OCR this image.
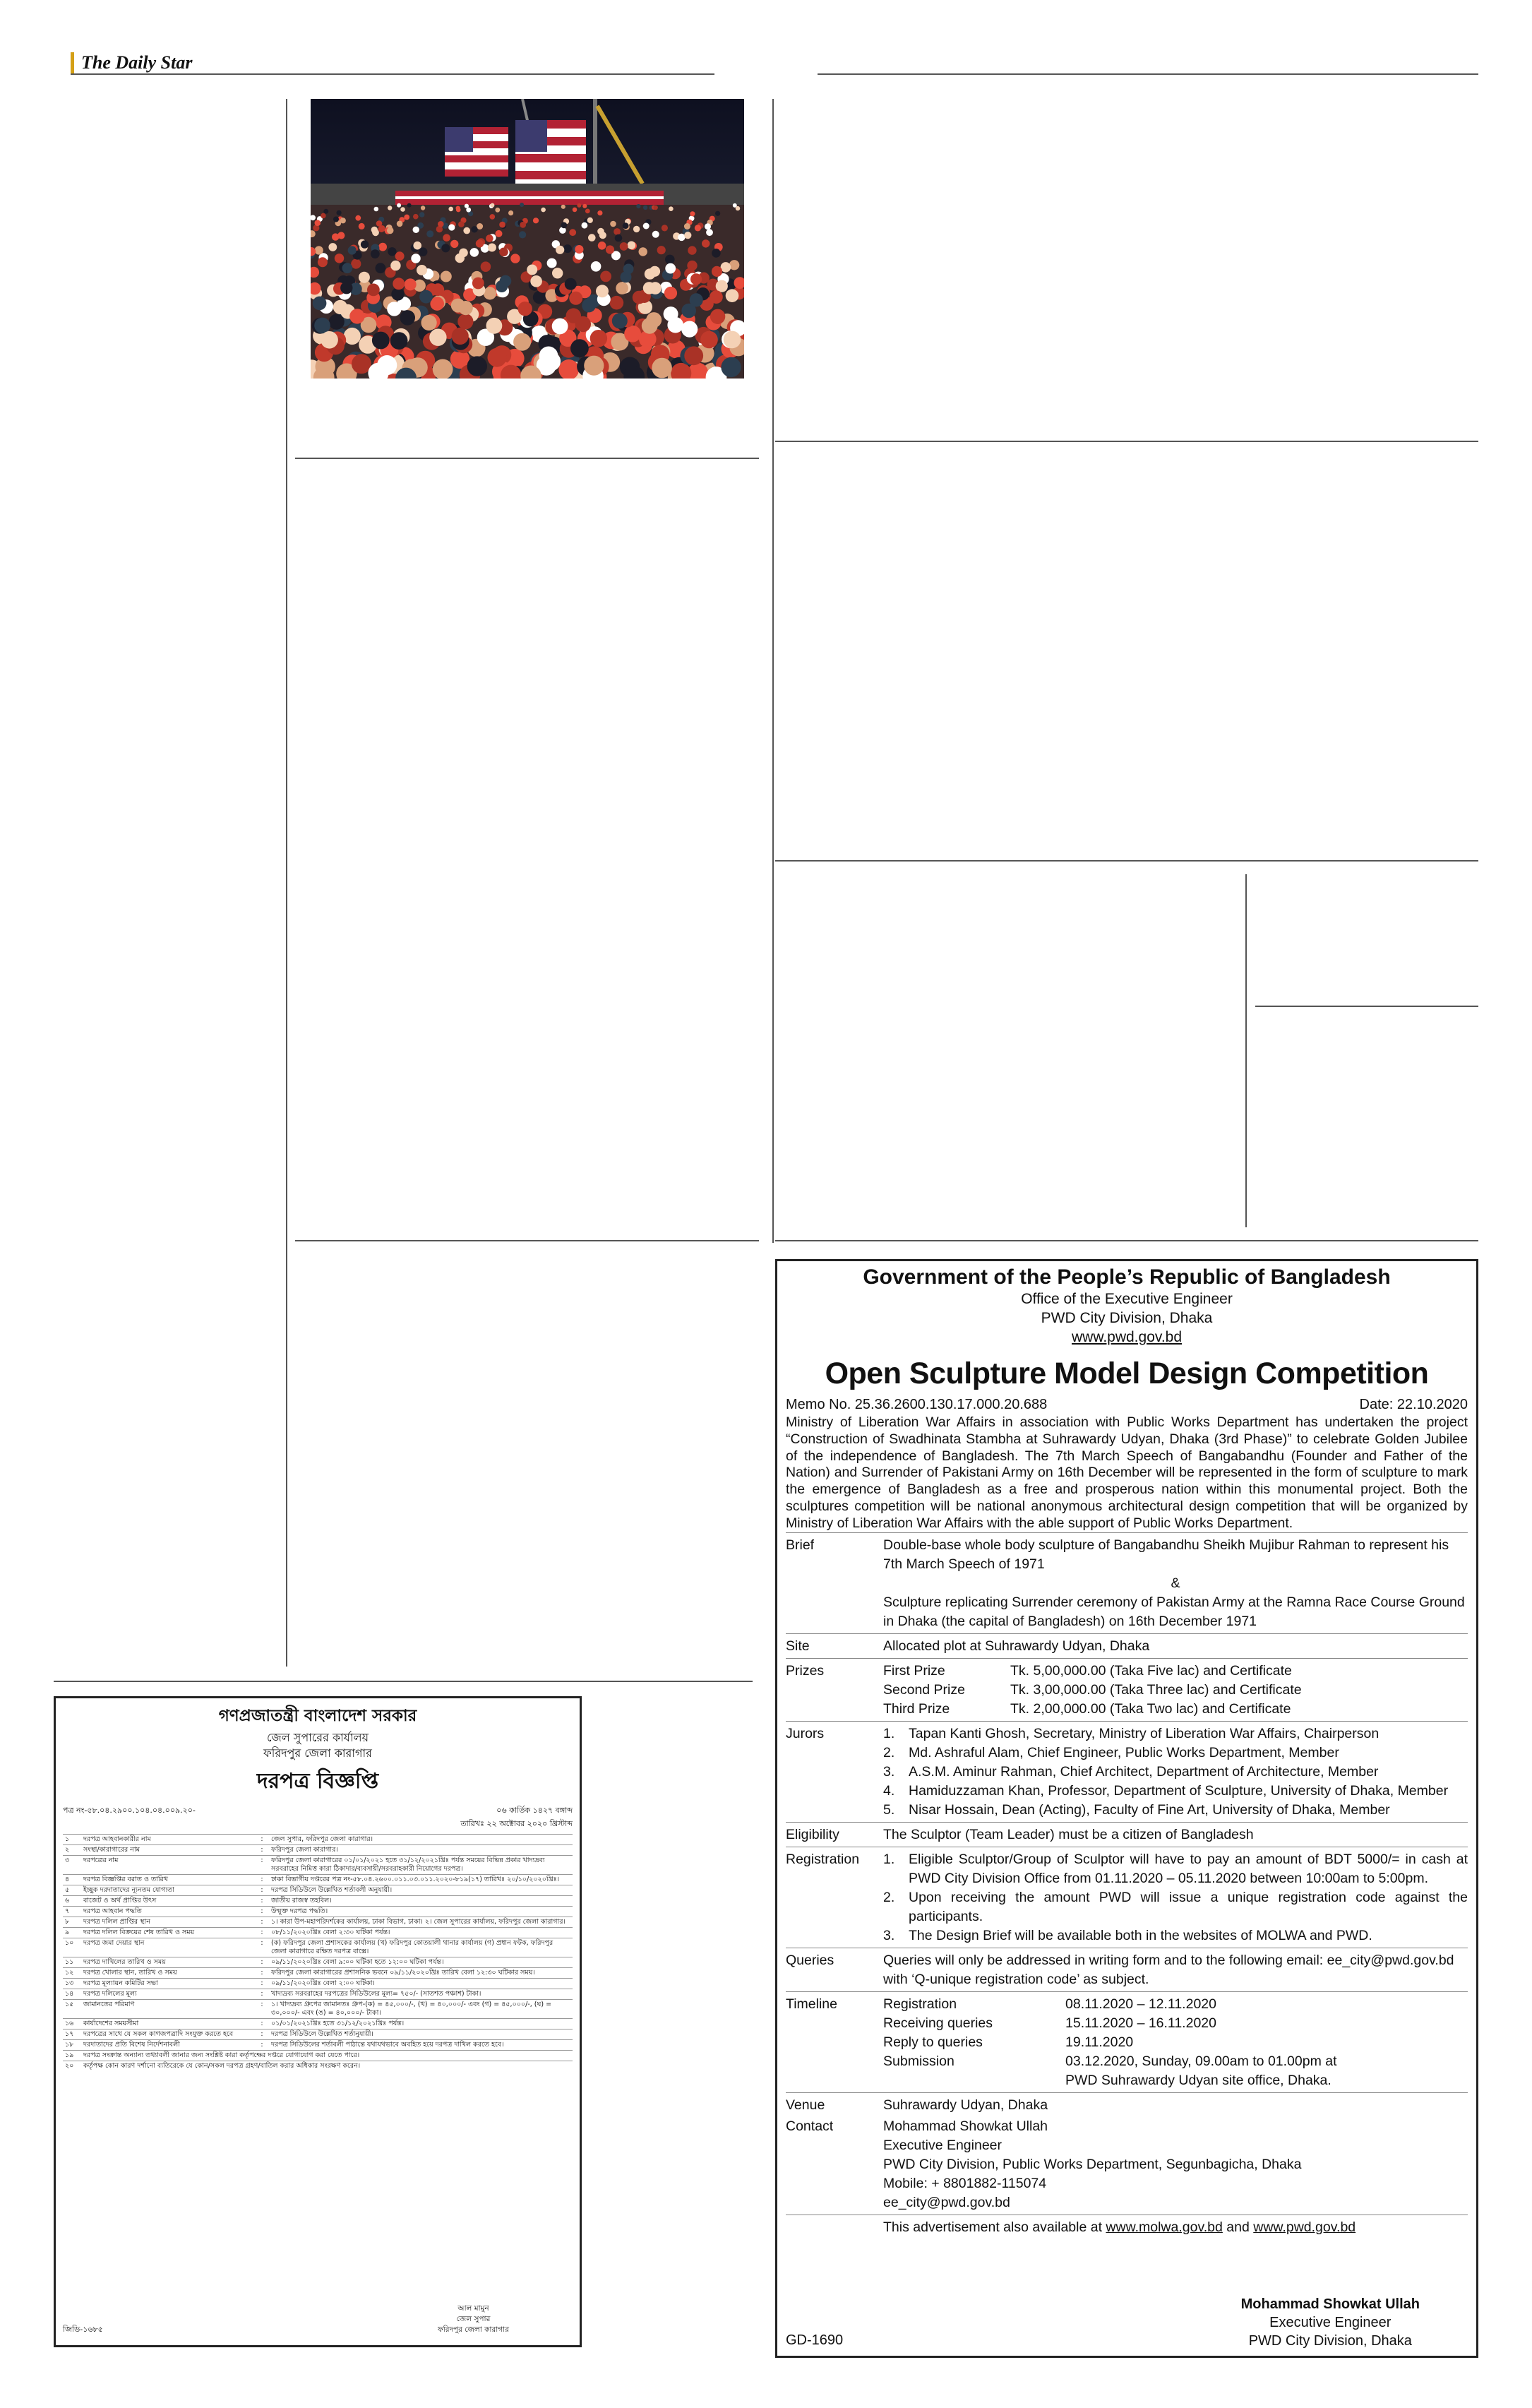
The Daily Star
Government of the People’s Republic of Bangladesh
Office of the Executive Engineer
PWD City Division, Dhaka
www.pwd.gov.bd
Open Sculpture Model Design Competition
Memo No. 25.36.2600.130.17.000.20.688	Date: 22.10.2020
Ministry of Liberation War Affairs in association with Public Works Department has undertaken the project “Construction of Swadhinata Stambha at Suhrawardy Udyan, Dhaka (3rd Phase)” to celebrate Golden Jubilee of the independence of Bangladesh. The 7th March Speech of Bangabandhu (Founder and Father of the Nation) and Surrender of Pakistani Army on 16th December will be represented in the form of sculpture to mark the emergence of Bangladesh as a free and prosperous nation within this monumental project. Both the sculptures competition will be national anonymous architectural design competition that will be organized by Ministry of Liberation War Affairs with the able support of Public Works Department.
Brief	Double-base whole body sculpture of Bangabandhu Sheikh Mujibur Rahman to represent his 7th March Speech of 1971
&
Sculpture replicating Surrender ceremony of Pakistan Army at the Ramna Race Course Ground in Dhaka (the capital of Bangladesh) on 16th December 1971
Site	Allocated plot at Suhrawardy Udyan, Dhaka
Prizes	First Prize	Tk. 5,00,000.00 (Taka Five lac) and Certificate
Second Prize	Tk. 3,00,000.00 (Taka Three lac) and Certificate
Third Prize	Tk. 2,00,000.00 (Taka Two lac) and Certificate
Jurors	1.	Tapan Kanti Ghosh, Secretary, Ministry of Liberation War Affairs, Chairperson
2.	Md. Ashraful Alam, Chief Engineer, Public Works Department, Member
3.	A.S.M. Aminur Rahman, Chief Architect, Department of Architecture, Member
4.	Hamiduzzaman Khan, Professor, Department of Sculpture, University of Dhaka, Member
5.	Nisar Hossain, Dean (Acting), Faculty of Fine Art, University of Dhaka, Member
Eligibility	The Sculptor (Team Leader) must be a citizen of Bangladesh
Registration	1.	Eligible Sculptor/Group of Sculptor will have to pay an amount of BDT 5000/= in cash at PWD City Division Office from 01.11.2020 – 05.11.2020 between 10:00am to 5:00pm.
2.	Upon receiving the amount PWD will issue a unique registration code against the participants.
3.	The Design Brief will be available both in the websites of MOLWA and PWD.
Queries	Queries will only be addressed in writing form and to the following email: ee_city@pwd.gov.bd with ‘Q-unique registration code’ as subject.
Timeline	Registration	08.11.2020 – 12.11.2020
Receiving queries	15.11.2020 – 16.11.2020
Reply to queries	19.11.2020
Submission	03.12.2020, Sunday, 09.00am to 01.00pm at
PWD Suhrawardy Udyan site office, Dhaka.
Venue	Suhrawardy Udyan, Dhaka
Contact	Mohammad Showkat Ullah
Executive Engineer
PWD City Division, Public Works Department, Segunbagicha, Dhaka
Mobile: + 8801882-115074
ee_city@pwd.gov.bd
This advertisement also available at www.molwa.gov.bd and www.pwd.gov.bd
Mohammad Showkat Ullah
Executive Engineer
PWD City Division, Dhaka
GD-1690
গণপ্রজাতন্ত্রী বাংলাদেশ সরকার
জেল সুপারের কার্যালয়
ফরিদপুর জেলা কারাগার
দরপত্র বিজ্ঞপ্তি
পত্র নং-৫৮.০৪.২৯০০.১০৪.০৪.০০৯.২০-	০৬ কার্তিক ১৪২৭ বঙ্গাব্দ
তারিখঃ ২২ অক্টোবর ২০২০ খ্রিস্টাব্দ
১	দরপত্র আহবানকারীর নাম	:	জেল সুপার, ফরিদপুর জেলা কারাগার।
২	সংস্থা/কারাগারের নাম	:	ফরিদপুর জেলা কারাগার।
৩	দরপত্রের নাম	:	ফরিদপুর জেলা কারাগারের ০১/০১/২০২১ হতে ৩১/১২/২০২১খ্রিঃ পর্যন্ত সময়ের বিভিন্ন প্রকার খাদ্যদ্রব্য সরবরাহের নিমিত্ত কারা ঠিকাদার/ব্যবসায়ী/সরবরাহকারী নিয়োগের দরপত্র।
৪	দরপত্র বিজ্ঞপ্তির বরাত ও তারিখ	:	ঢাকা বিভাগীয় দপ্তরের পত্র নং-৫৮.০৪.২৬০০.০১১.০৩.০১১.২০২০-৮১৯(১৭) তারিখঃ ২০/১০/২০২০খ্রিঃ।
৫	ইচ্ছুক দরদাতাদের ন্যূনতম যোগ্যতা	:	দরপত্র সিডিউলে উল্লেখিত শর্তাবলী অনুযায়ী।
৬	বাজেট ও অর্থ প্রাপ্তির উৎস	:	জাতীয় রাজস্ব তহবিল।
৭	দরপত্র আহবান পদ্ধতি	:	উন্মুক্ত দরপত্র পদ্ধতি।
৮	দরপত্র দলিল প্রাপ্তির স্থান	:	১। কারা উপ-মহাপরিদর্শকের কার্যালয়, ঢাকা বিভাগ, ঢাকা। ২। জেল সুপারের কার্যালয়, ফরিদপুর জেলা কারাগার।
৯	দরপত্র দলিল বিক্রয়ের শেষ তারিখ ও সময়	:	০৮/১১/২০২০খ্রিঃ বেলা ২:৩০ ঘটিকা পর্যন্ত।
১০	দরপত্র জমা দেয়ার স্থান	:	(ক) ফরিদপুর জেলা প্রশাসকের কার্যালয় (খ) ফরিদপুর কোতয়ালী থানার কার্যালয় (গ) প্রধান ফটক, ফরিদপুর জেলা কারাগারে রক্ষিত দরপত্র বাক্সে।
১১	দরপত্র দাখিলের তারিখ ও সময়	:	০৯/১১/২০২০খ্রিঃ বেলা ৯:০০ ঘটিকা হতে ১২:০০ ঘটিকা পর্যন্ত।
১২	দরপত্র খোলার স্থান, তারিখ ও সময়	:	ফরিদপুর জেলা কারাগারের প্রশাসনিক ভবনে ০৯/১১/২০২০খ্রিঃ তারিখ বেলা ১২:৩০ ঘটিকার সময়।
১৩	দরপত্র মূল্যায়ন কমিটির সভা	:	০৯/১১/২০২০খ্রিঃ বেলা ২:০০ ঘটিকা।
১৪	দরপত্র দলিলের মূল্য	:	খাদ্যদ্রব্য সরবরাহের দরপত্রের সিডিউলের মূল্য= ৭৫০/- (সাতশত পঞ্চাশ) টাকা।
১৫	জামানতের পরিমাণ	:	১। খাদ্যদ্রব্য গ্রুপের জামানতঃ গ্রুপ-(ক) = ৪৫,০০০/-, (খ) = ৪০,০০০/- এবং (গ) = ৪৫,০০০/-, (ঘ) = ৩০,০০০/- এবং (ঙ) = ৪০,০০০/- টাকা।
১৬	কার্যাদেশের সময়সীমা	:	০১/০১/২০২১খ্রিঃ হতে ৩১/১২/২০২১খ্রিঃ পর্যন্ত।
১৭	দরপত্রের সাথে যে সকল কাগজপত্রাদি সংযুক্ত করতে হবে	:	দরপত্র সিডিউলে উল্লেখিত শর্তানুযায়ী।
১৮	দরদাতাদের প্রতি বিশেষ নির্দেশনাবলী	:	দরপত্র সিডিউলের শর্তাবলী পাঠান্তে যথাযথভাবে অবহিত হয়ে দরপত্র দাখিল করতে হবে।
১৯	দরপত্র সংক্রান্ত অন্যান্য তথ্যাবলী জানার জন্য সংশ্লিষ্ট কারা কর্তৃপক্ষের দপ্তরে যোগাযোগ করা যেতে পারে।		
২০	কর্তৃপক্ষ কোন কারণ দর্শানো ব্যতিরেকে যে কোন/সকল দরপত্র গ্রহণ/বাতিল করার অধিকার সংরক্ষণ করেন।		
আল মামুন
জেল সুপার
ফরিদপুর জেলা কারাগার
জিডি-১৬৮৫
